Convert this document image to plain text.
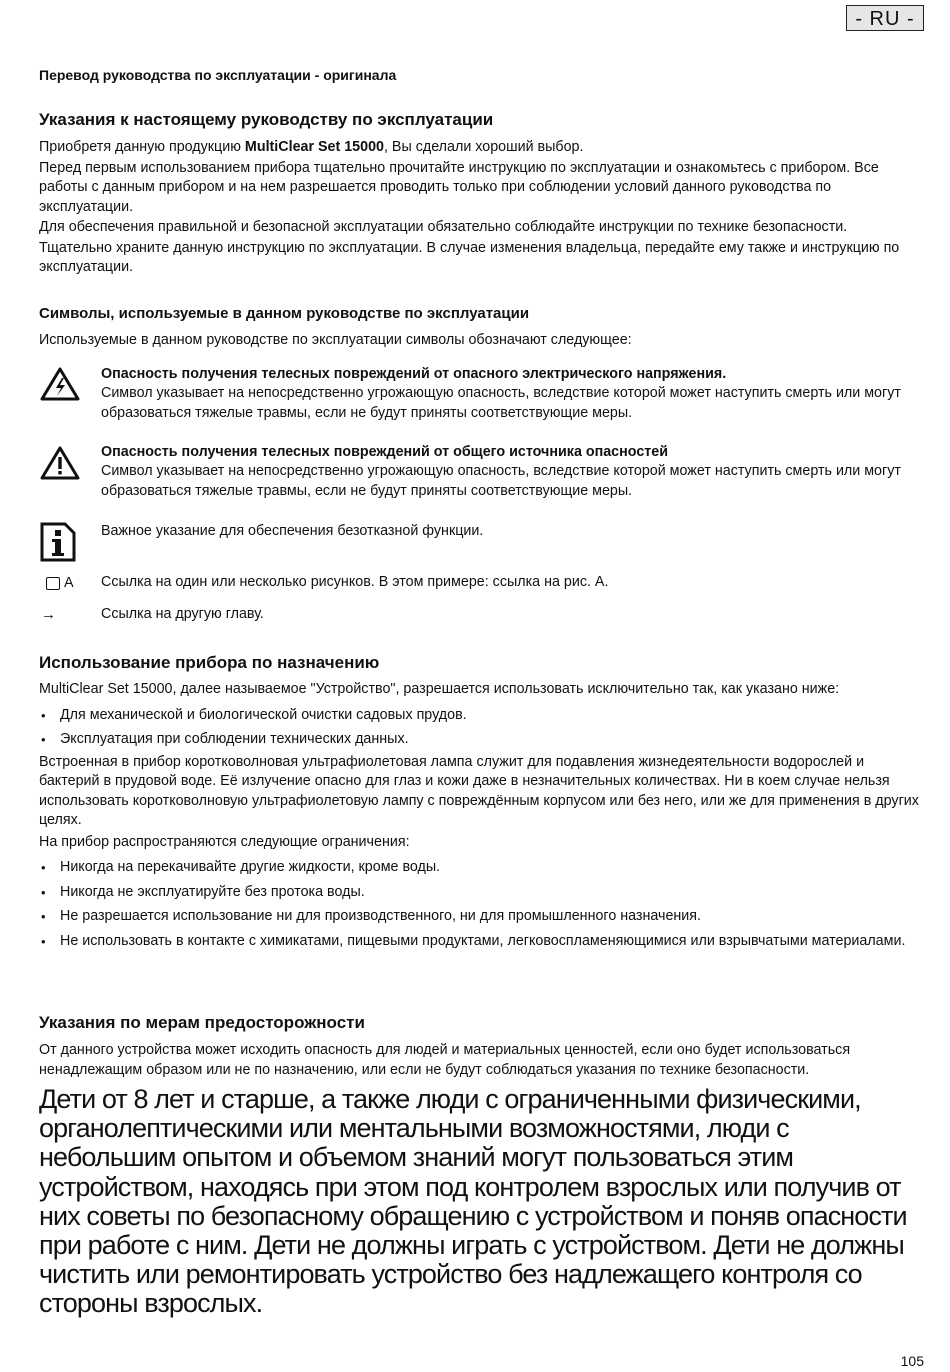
- RU -
Перевод руководства по эксплуатации - оригинала
Указания к настоящему руководству по эксплуатации

Приобретя данную продукцию MultiClear Set 15000, Вы сделали хороший выбор.

Перед первым использованием прибора тщательно прочитайте инструкцию по эксплуатации и ознакомьтесь с прибором. Все работы с данным прибором и на нем разрешается проводить только при соблюдении условий данного руководства по эксплуатации.

Для обеспечения правильной и безопасной эксплуатации обязательно соблюдайте инструкции по технике безопасности.

Тщательно храните данную инструкцию по эксплуатации. В случае изменения владельца, передайте ему также и инструкцию по эксплуатации.

Символы, используемые в данном руководстве по эксплуатации

Используемые в данном руководстве по эксплуатации символы обозначают следующее:

Опасность получения телесных повреждений от опасного электрического напряжения.

Символ указывает на непосредственно угрожающую опасность, вследствие которой может наступить смерть или могут образоваться тяжелые травмы, если не будут приняты соответствующие меры.

Опасность получения телесных повреждений от общего источника опасностей

Символ указывает на непосредственно угрожающую опасность, вследствие которой может наступить смерть или могут образоваться тяжелые травмы, если не будут приняты соответствующие меры.

Важное указание для обеспечения безотказной функции.

A Ссылка на один или несколько рисунков. В этом примере: ссылка на рис. A.

→	Ссылка на другую главу.

Использование прибора по назначению

MultiClear Set 15000, далее называемое "Устройство", разрешается использовать исключительно так, как указано ниже:

• Для механической и биологической очистки садовых прудов.
• Эксплуатация при соблюдении технических данных.

Встроенная в прибор коротковолновая ультрафиолетовая лампа служит для подавления жизнедеятельности водорослей и бактерий в прудовой воде. Её излучение опасно для глаз и кожи даже в незначительных количествах. Ни в коем случае нельзя использовать коротковолновую ультрафиолетовую лампу с повреждённым корпусом или без него, или же для применения в других целях.

На прибор распространяются следующие ограничения:

• Никогда на перекачивайте другие жидкости, кроме воды.
• Никогда не эксплуатируйте без протока воды.
• Не разрешается использование ни для производственного, ни для промышленного назначения.
• Не использовать в контакте с химикатами, пищевыми продуктами, легковоспламеняющимися или взрывчатыми материалами.
Указания по мерам предосторожности

От данного устройства может исходить опасность для людей и материальных ценностей, если оно будет использоваться ненадлежащим образом или не по назначению, или если не будут соблюдаться указания по технике безопасности.

Дети от 8 лет и старше, а также люди с ограниченными физическими, органолептическими или ментальными возможностями, люди с небольшим опытом и объемом знаний могут пользоваться этим устройством, находясь при этом под контролем взрослых или получив от них советы по безопасному обращению с устройством и поняв опасности при работе с ним. Дети не должны играть с устройством. Дети не должны чистить или ремонтировать устройство без надлежащего контроля со стороны взрослых.
105
